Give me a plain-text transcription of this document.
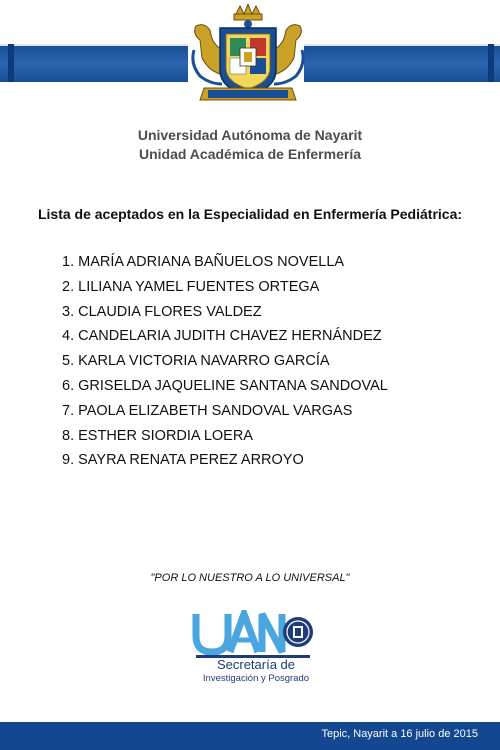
Universidad Autónoma de Nayarit
Unidad Académica de Enfermería
Lista de aceptados en la Especialidad en Enfermería Pediátrica:
1. MARÍA ADRIANA BAÑUELOS NOVELLA
2. LILIANA YAMEL FUENTES ORTEGA
3. CLAUDIA FLORES VALDEZ
4. CANDELARIA JUDITH CHAVEZ HERNÁNDEZ
5. KARLA VICTORIA NAVARRO GARCÍA
6. GRISELDA JAQUELINE SANTANA SANDOVAL
7. PAOLA ELIZABETH SANDOVAL VARGAS
8. ESTHER SIORDIA LOERA
9. SAYRA RENATA PEREZ ARROYO
"POR LO NUESTRO A LO UNIVERSAL"
Secretaría de
Investigación y Posgrado
Tepic, Nayarit a 16 julio de 2015
